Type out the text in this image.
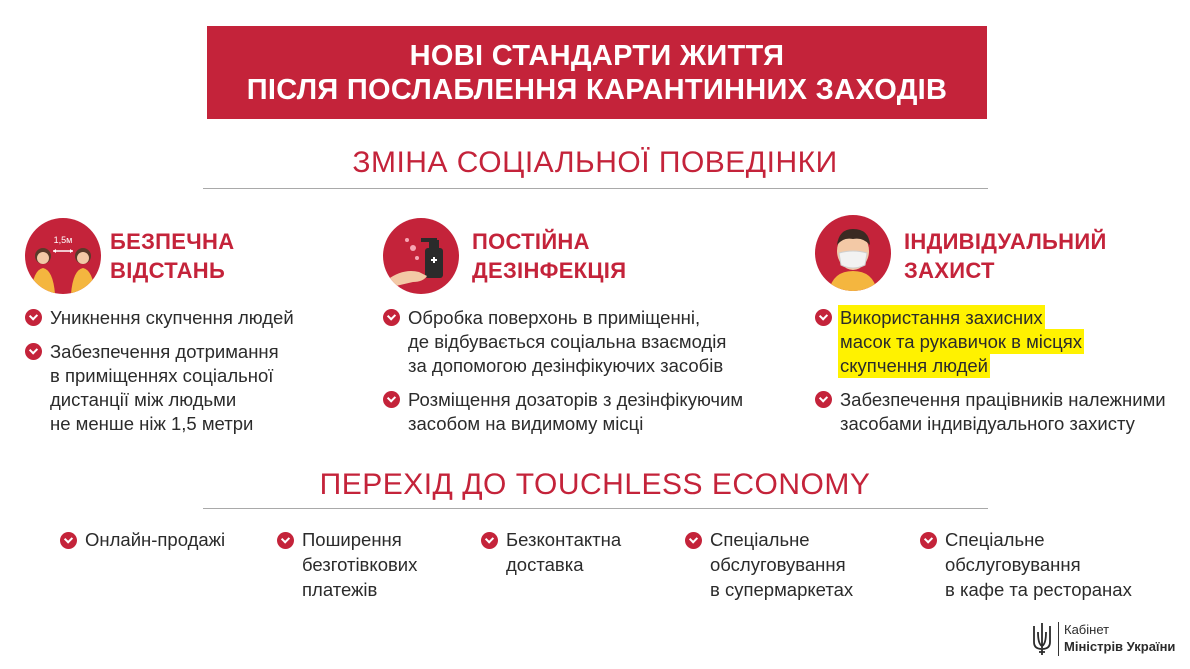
НОВІ СТАНДАРТИ ЖИТТЯ
ПІСЛЯ ПОСЛАБЛЕННЯ КАРАНТИННИХ ЗАХОДІВ
ЗМІНА СОЦІАЛЬНОЇ ПОВЕДІНКИ
1,5м БЕЗПЕЧНА
ВІДСТАНЬ
Уникнення скупчення людей
Забезпечення дотримання
в приміщеннях соціальної
дистанції між людьми
не менше ніж 1,5 метри
ПОСТІЙНА
ДЕЗІНФЕКЦІЯ
Обробка поверхонь в приміщенні,
де відбувається соціальна взаємодія
за допомогою дезінфікуючих засобів
Розміщення дозаторів з дезінфікуючим
засобом на видимому місці
ІНДИВІДУАЛЬНИЙ
ЗАХИСТ
Використання захисних
масок та рукавичок в місцях
скупчення людей
Забезпечення працівників належними
засобами індивідуального захисту
ПЕРЕХІД ДО TOUCHLESS ECONOMY
Онлайн-продажі	Поширення
безготівкових
платежів
Безконтактна
доставка
Спеціальне
обслуговування
в супермаркетах
Спеціальне
обслуговування
в кафе та ресторанах
Кабінет
Міністрів України
